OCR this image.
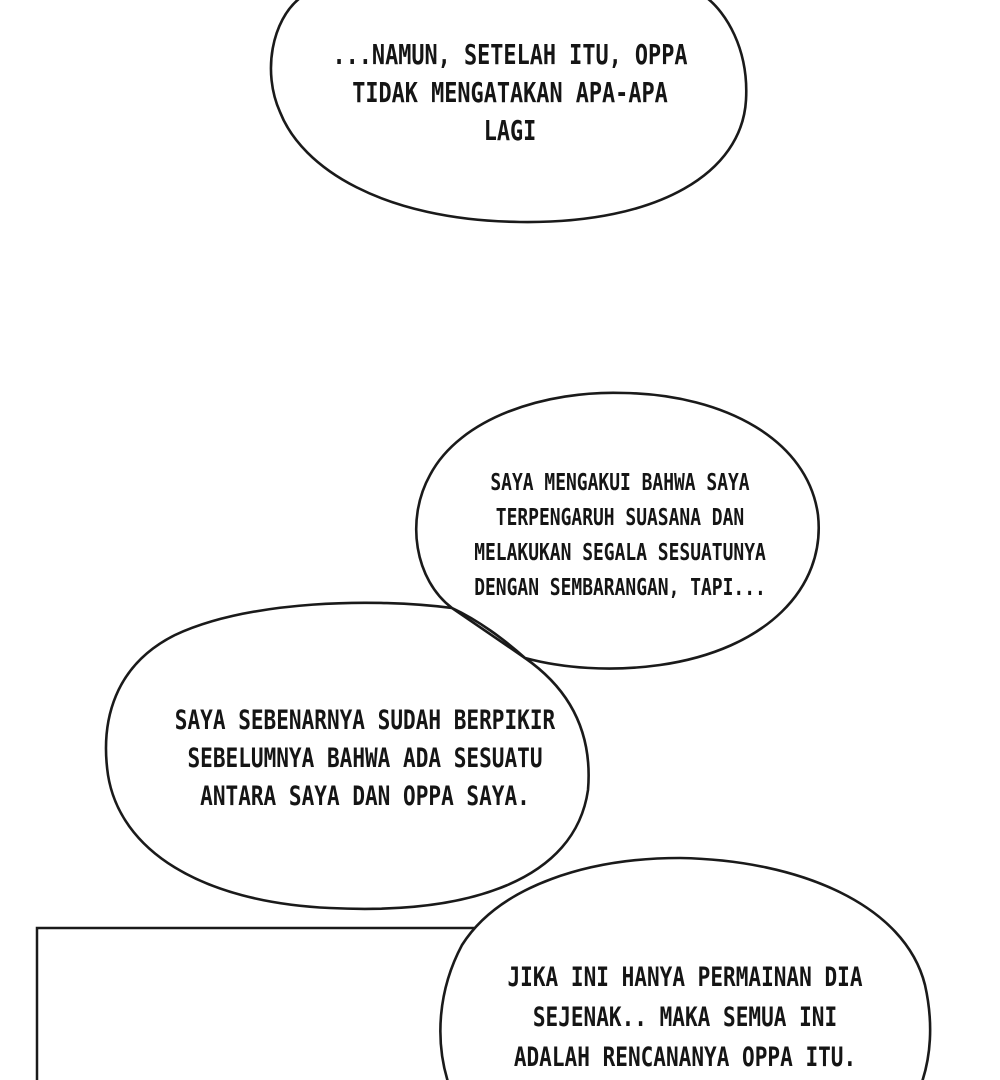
...NAMUN, SETELAH ITU, OPPA
TIDAK MENGATAKAN APA-APA
LAGI
SAYA MENGAKUI BAHWA SAYA
TERPENGARUH SUASANA DAN
MELAKUKAN SEGALA SESUATUNYA
DENGAN SEMBARANGAN, TAPI...
SAYA SEBENARNYA SUDAH BERPIKIR
SEBELUMNYA BAHWA ADA SESUATU
ANTARA SAYA DAN OPPA SAYA.
JIKA INI HANYA PERMAINAN DIA
SEJENAK.. MAKA SEMUA INI
ADALAH RENCANANYA OPPA ITU.
